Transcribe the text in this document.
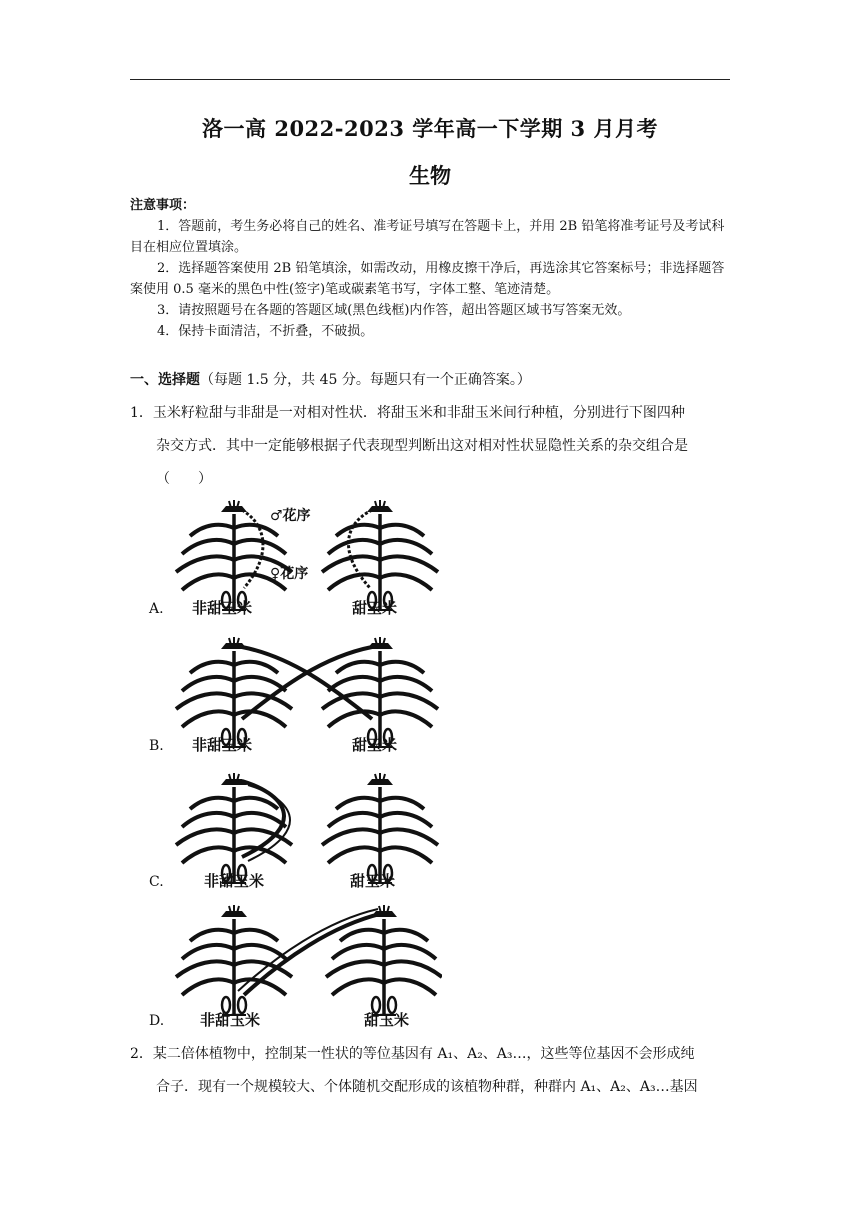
洛一高 2022-2023 学年高一下学期 3 月月考
生物
注意事项：
1．答题前，考生务必将自己的姓名、准考证号填写在答题卡上，并用 2B 铅笔将准考证号及考试科目在相应位置填涂。
2．选择题答案使用 2B 铅笔填涂，如需改动，用橡皮擦干净后，再选涂其它答案标号；非选择题答案使用 0.5 毫米的黑色中性(签字)笔或碳素笔书写，字体工整、笔迹清楚。
3．请按照题号在各题的答题区域(黑色线框)内作答，超出答题区域书写答案无效。
4．保持卡面清洁，不折叠，不破损。
一、选择题（每题 1.5 分，共 45 分。每题只有一个正确答案。）
1．玉米籽粒甜与非甜是一对相对性状．将甜玉米和非甜玉米间行种植，分别进行下图四种
杂交方式．其中一定能够根据子代表现型判断出这对相对性状显隐性关系的杂交组合是
（　　）
A.
♂花序
♀花序
非甜玉米	甜玉米
B. 非甜玉米	甜玉米
C.	非甜玉米	甜玉米
D. 非甜玉米	甜玉米
2．某二倍体植物中，控制某一性状的等位基因有 A₁、A₂、A₃…，这些等位基因不会形成纯
合子．现有一个规模较大、个体随机交配形成的该植物种群，种群内 A₁、A₂、A₃…基因
